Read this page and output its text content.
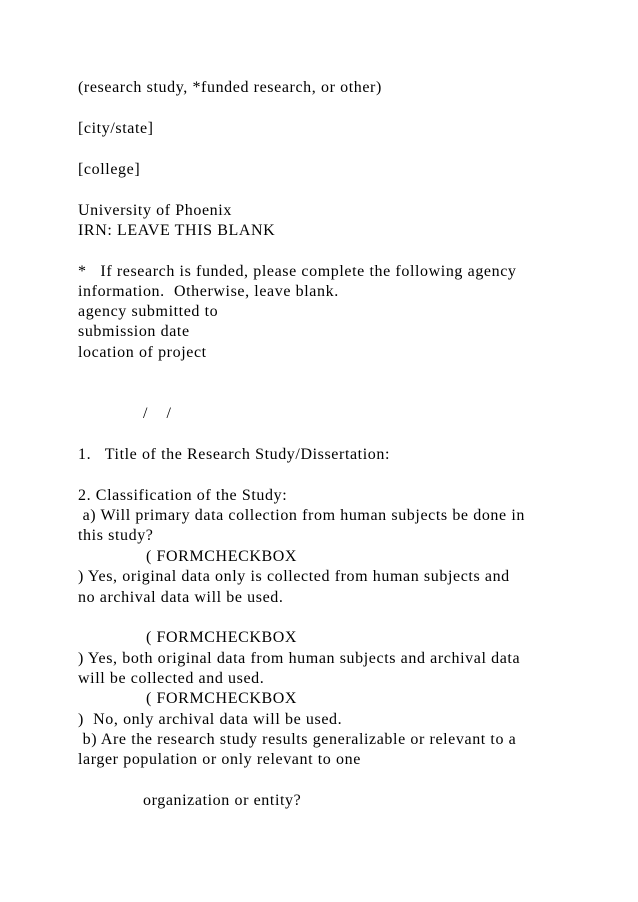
(research study, *funded research, or other)

[city/state]

[college]

University of Phoenix

IRN: LEAVE THIS BLANK

*   If research is funded, please complete the following agency

information.  Otherwise, leave blank.

agency submitted to

submission date

location of project

/    /

1.   Title of the Research Study/Dissertation:

2. Classification of the Study:

a) Will primary data collection from human subjects be done in

this study?

( FORMCHECKBOX

) Yes, original data only is collected from human subjects and

no archival data will be used.

( FORMCHECKBOX

) Yes, both original data from human subjects and archival data

will be collected and used.

( FORMCHECKBOX

)  No, only archival data will be used.

b) Are the research study results generalizable or relevant to a

larger population or only relevant to one

organization or entity?
